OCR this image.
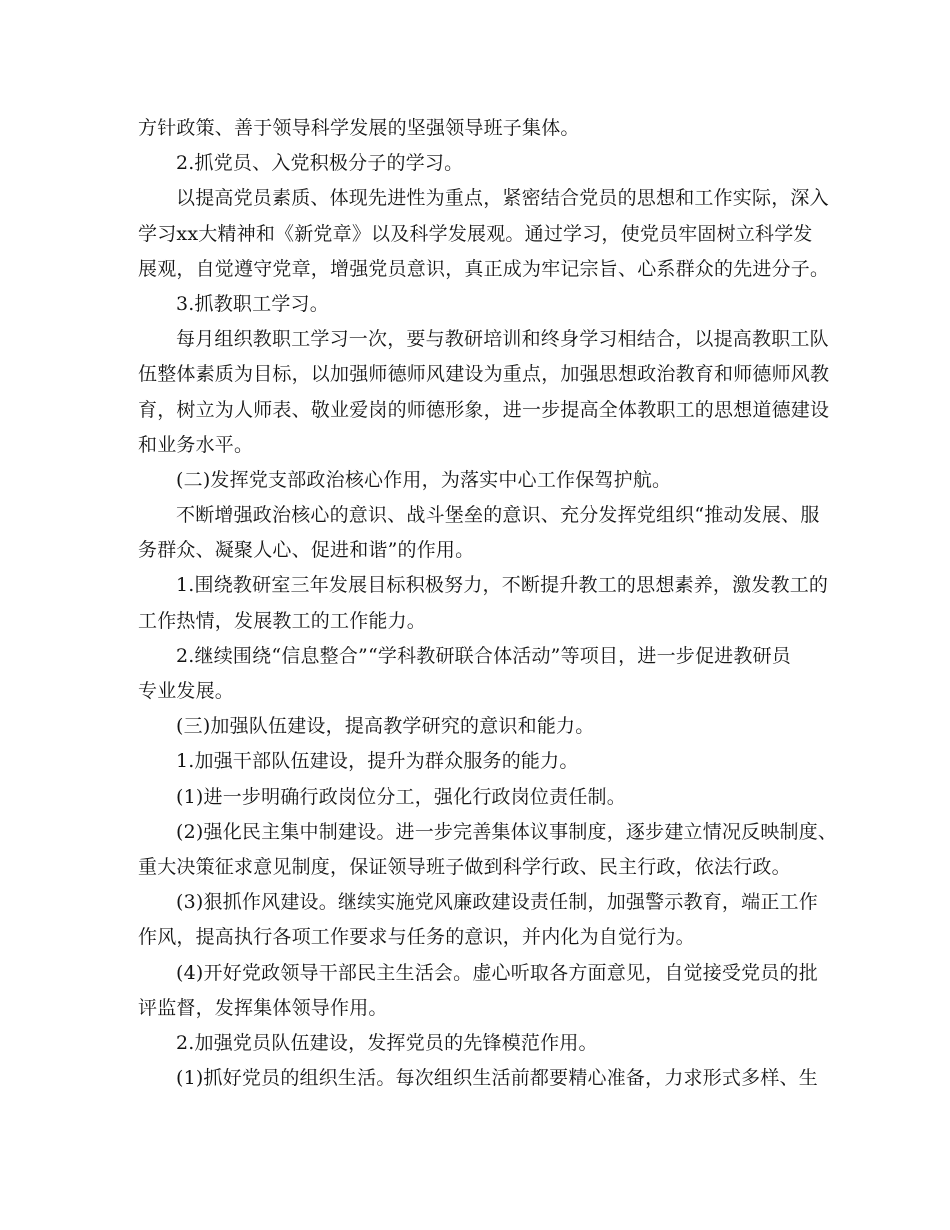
方针政策、善于领导科学发展的坚强领导班子集体。
2.抓党员、入党积极分子的学习。
以提高党员素质、体现先进性为重点，紧密结合党员的思想和工作实际，深入
学习xx大精神和《新党章》以及科学发展观。通过学习，使党员牢固树立科学发
展观，自觉遵守党章，增强党员意识，真正成为牢记宗旨、心系群众的先进分子。
3.抓教职工学习。
每月组织教职工学习一次，要与教研培训和终身学习相结合，以提高教职工队
伍整体素质为目标，以加强师德师风建设为重点，加强思想政治教育和师德师风教
育，树立为人师表、敬业爱岗的师德形象，进一步提高全体教职工的思想道德建设
和业务水平。
(二)发挥党支部政治核心作用，为落实中心工作保驾护航。
不断增强政治核心的意识、战斗堡垒的意识、充分发挥党组织“推动发展、服
务群众、凝聚人心、促进和谐”的作用。
1.围绕教研室三年发展目标积极努力，不断提升教工的思想素养，激发教工的
工作热情，发展教工的工作能力。
2.继续围绕“信息整合”“学科教研联合体活动”等项目，进一步促进教研员
专业发展。
(三)加强队伍建设，提高教学研究的意识和能力。
1.加强干部队伍建设，提升为群众服务的能力。
(1)进一步明确行政岗位分工，强化行政岗位责任制。
(2)强化民主集中制建设。进一步完善集体议事制度，逐步建立情况反映制度、
重大决策征求意见制度，保证领导班子做到科学行政、民主行政，依法行政。
(3)狠抓作风建设。继续实施党风廉政建设责任制，加强警示教育，端正工作
作风，提高执行各项工作要求与任务的意识，并内化为自觉行为。
(4)开好党政领导干部民主生活会。虚心听取各方面意见，自觉接受党员的批
评监督，发挥集体领导作用。
2.加强党员队伍建设，发挥党员的先锋模范作用。
(1)抓好党员的组织生活。每次组织生活前都要精心准备，力求形式多样、生
